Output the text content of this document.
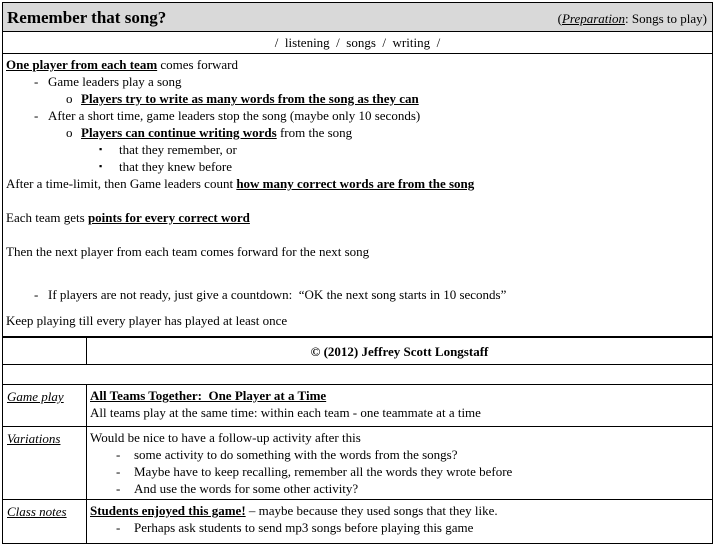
Remember that song?	(Preparation: Songs to play)

/  listening  /  songs  /  writing  /

One player from each team comes forward
- Game leaders play a song
o Players try to write as many words from the song as they can
- After a short time, game leaders stop the song (maybe only 10 seconds)
o Players can continue writing words from the song
▪	that they remember, or
▪	that they knew before
After a time-limit, then Game leaders count how many correct words are from the song
Each team gets points for every correct word
Then the next player from each team comes forward for the next song
- If players are not ready, just give a countdown:  “OK the next song starts in 10 seconds”
Keep playing till every player has played at least once
	© (2012) Jeffrey Scott Longstaff

Game play	All Teams Together:  One Player at a Time
All teams play at the same time: within each team - one teammate at a time

Variations	Would be nice to have a follow-up activity after this
-	some activity to do something with the words from the songs?
-	Maybe have to keep recalling, remember all the words they wrote before
-	And use the words for some other activity?

Class notes	Students enjoyed this game! – maybe because they used songs that they like.
- Perhaps ask students to send mp3 songs before playing this game
